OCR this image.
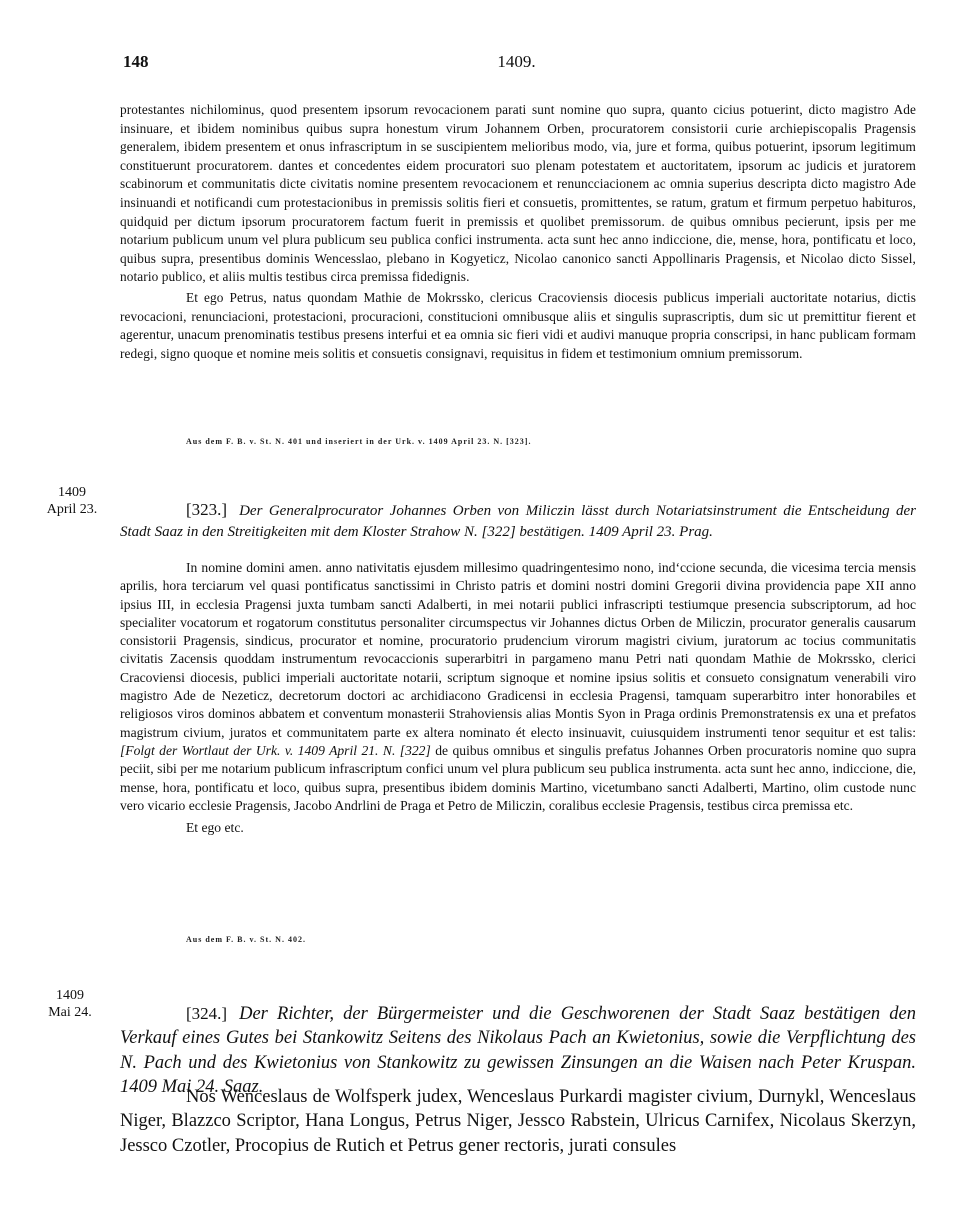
148	1409.

protestantes nichilominus, quod presentem ipsorum revocacionem parati sunt nomine quo supra, quanto cicius potuerint, dicto magistro Ade insinuare, et ibidem nominibus quibus supra honestum virum Johannem Orben, procuratorem consistorii curie archiepiscopalis Pragensis generalem, ibidem presentem et onus infrascriptum in se suscipientem melioribus modo, via, jure et forma, quibus potuerint, ipsorum legitimum constituerunt procuratorem. dantes et concedentes eidem procuratori suo plenam potestatem et auctoritatem, ipsorum ac judicis et juratorem scabinorum et communitatis dicte civitatis nomine presentem revocacionem et renuncciacionem ac omnia superius descripta dicto magistro Ade insinuandi et notificandi cum protestacionibus in premissis solitis fieri et consuetis, promittentes, se ratum, gratum et firmum perpetuo habituros, quidquid per dictum ipsorum procuratorem factum fuerit in premissis et quolibet premissorum. de quibus omnibus pecierunt, ipsis per me notarium publicum unum vel plura publicum seu publica confici instrumenta. acta sunt hec anno indiccione, die, mense, hora, pontificatu et loco, quibus supra, presentibus dominis Wencesslao, plebano in Kogyeticz, Nicolao canonico sancti Appollinaris Pragensis, et Nicolao dicto Sissel, notario publico, et aliis multis testibus circa premissa fidedignis.

Et ego Petrus, natus quondam Mathie de Mokrssko, clericus Cracoviensis diocesis publicus imperiali auctoritate notarius, dictis revocacioni, renunciacioni, protestacioni, procuracioni, constitucioni omnibusque aliis et singulis suprascriptis, dum sic ut premittitur fierent et agerentur, unacum prenominatis testibus presens interfui et ea omnia sic fieri vidi et audivi manuque propria conscripsi, in hanc publicam formam redegi, signo quoque et nomine meis solitis et consuetis consignavi, requisitus in fidem et testimonium omnium premissorum.

Aus dem F. B. v. St. N. 401 und inseriert in der Urk. v. 1409 April 23. N. [323].
1409
April 23.	[323.] Der Generalprocurator Johannes Orben von Miliczin lässt durch Notariatsinstrument die Entscheidung der Stadt Saaz in den Streitigkeiten mit dem Kloster Strahow N. [322] bestätigen. 1409 April 23. Prag.

In nomine domini amen. anno nativitatis ejusdem millesimo quadringentesimo nono, ind‘ccione secunda, die vicesima tercia mensis aprilis, hora terciarum vel quasi pontificatus sanctissimi in Christo patris et domini nostri domini Gregorii divina providencia pape XII anno ipsius III, in ecclesia Pragensi juxta tumbam sancti Adalberti, in mei notarii publici infrascripti testiumque presencia subscriptorum, ad hoc specialiter vocatorum et rogatorum constitutus personaliter circumspectus vir Johannes dictus Orben de Miliczin, procurator generalis causarum consistorii Pragensis, sindicus, procurator et nomine, procuratorio prudencium virorum magistri civium, juratorum ac tocius communitatis civitatis Zacensis quoddam instrumentum revocaccionis superarbitri in pargameno manu Petri nati quondam Mathie de Mokrssko, clerici Cracoviensi diocesis, publici imperiali auctoritate notarii, scriptum signoque et nomine ipsius solitis et consueto consignatum venerabili viro magistro Ade de Nezeticz, decretorum doctori ac archidiacono Gradicensi in ecclesia Pragensi, tamquam superarbitro inter honorabiles et religiosos viros dominos abbatem et conventum monasterii Strahoviensis alias Montis Syon in Praga ordinis Premonstratensis ex una et prefatos magistrum civium, juratos et communitatem parte ex altera nominato ét electo insinuavit, cuiusquidem instrumenti tenor sequitur et est talis: [Folgt der Wortlaut der Urk. v. 1409 April 21. N. [322] de quibus omnibus et singulis prefatus Johannes Orben procuratoris nomine quo supra peciit, sibi per me notarium publicum infrascriptum confici unum vel plura publicum seu publica instrumenta. acta sunt hec anno, indiccione, die, mense, hora, pontificatu et loco, quibus supra, presentibus ibidem dominis Martino, vicetumbano sancti Adalberti, Martino, olim custode nunc vero vicario ecclesie Pragensis, Jacobo Andrlini de Praga et Petro de Miliczin, coralibus ecclesie Pragensis, testibus circa premissa etc.

Et ego etc.

Aus dem F. B. v. St. N. 402.
1409
Mai 24.	[324.] Der Richter, der Bürgermeister und die Geschworenen der Stadt Saaz bestätigen den Verkauf eines Gutes bei Stankowitz Seitens des Nikolaus Pach an Kwietonius, sowie die Verpflichtung des N. Pach und des Kwietonius von Stankowitz zu gewissen Zinsungen an die Waisen nach Peter Kruspan. 1409 Mai 24. Saaz.

Nos Wenceslaus de Wolfsperk judex, Wenceslaus Purkardi magister civium, Durnykl, Wenceslaus Niger, Blazzco Scriptor, Hana Longus, Petrus Niger, Jessco Rabstein, Ulricus Carnifex, Nicolaus Skerzyn, Jessco Czotler, Procopius de Rutich et Petrus gener rectoris, jurati consules
